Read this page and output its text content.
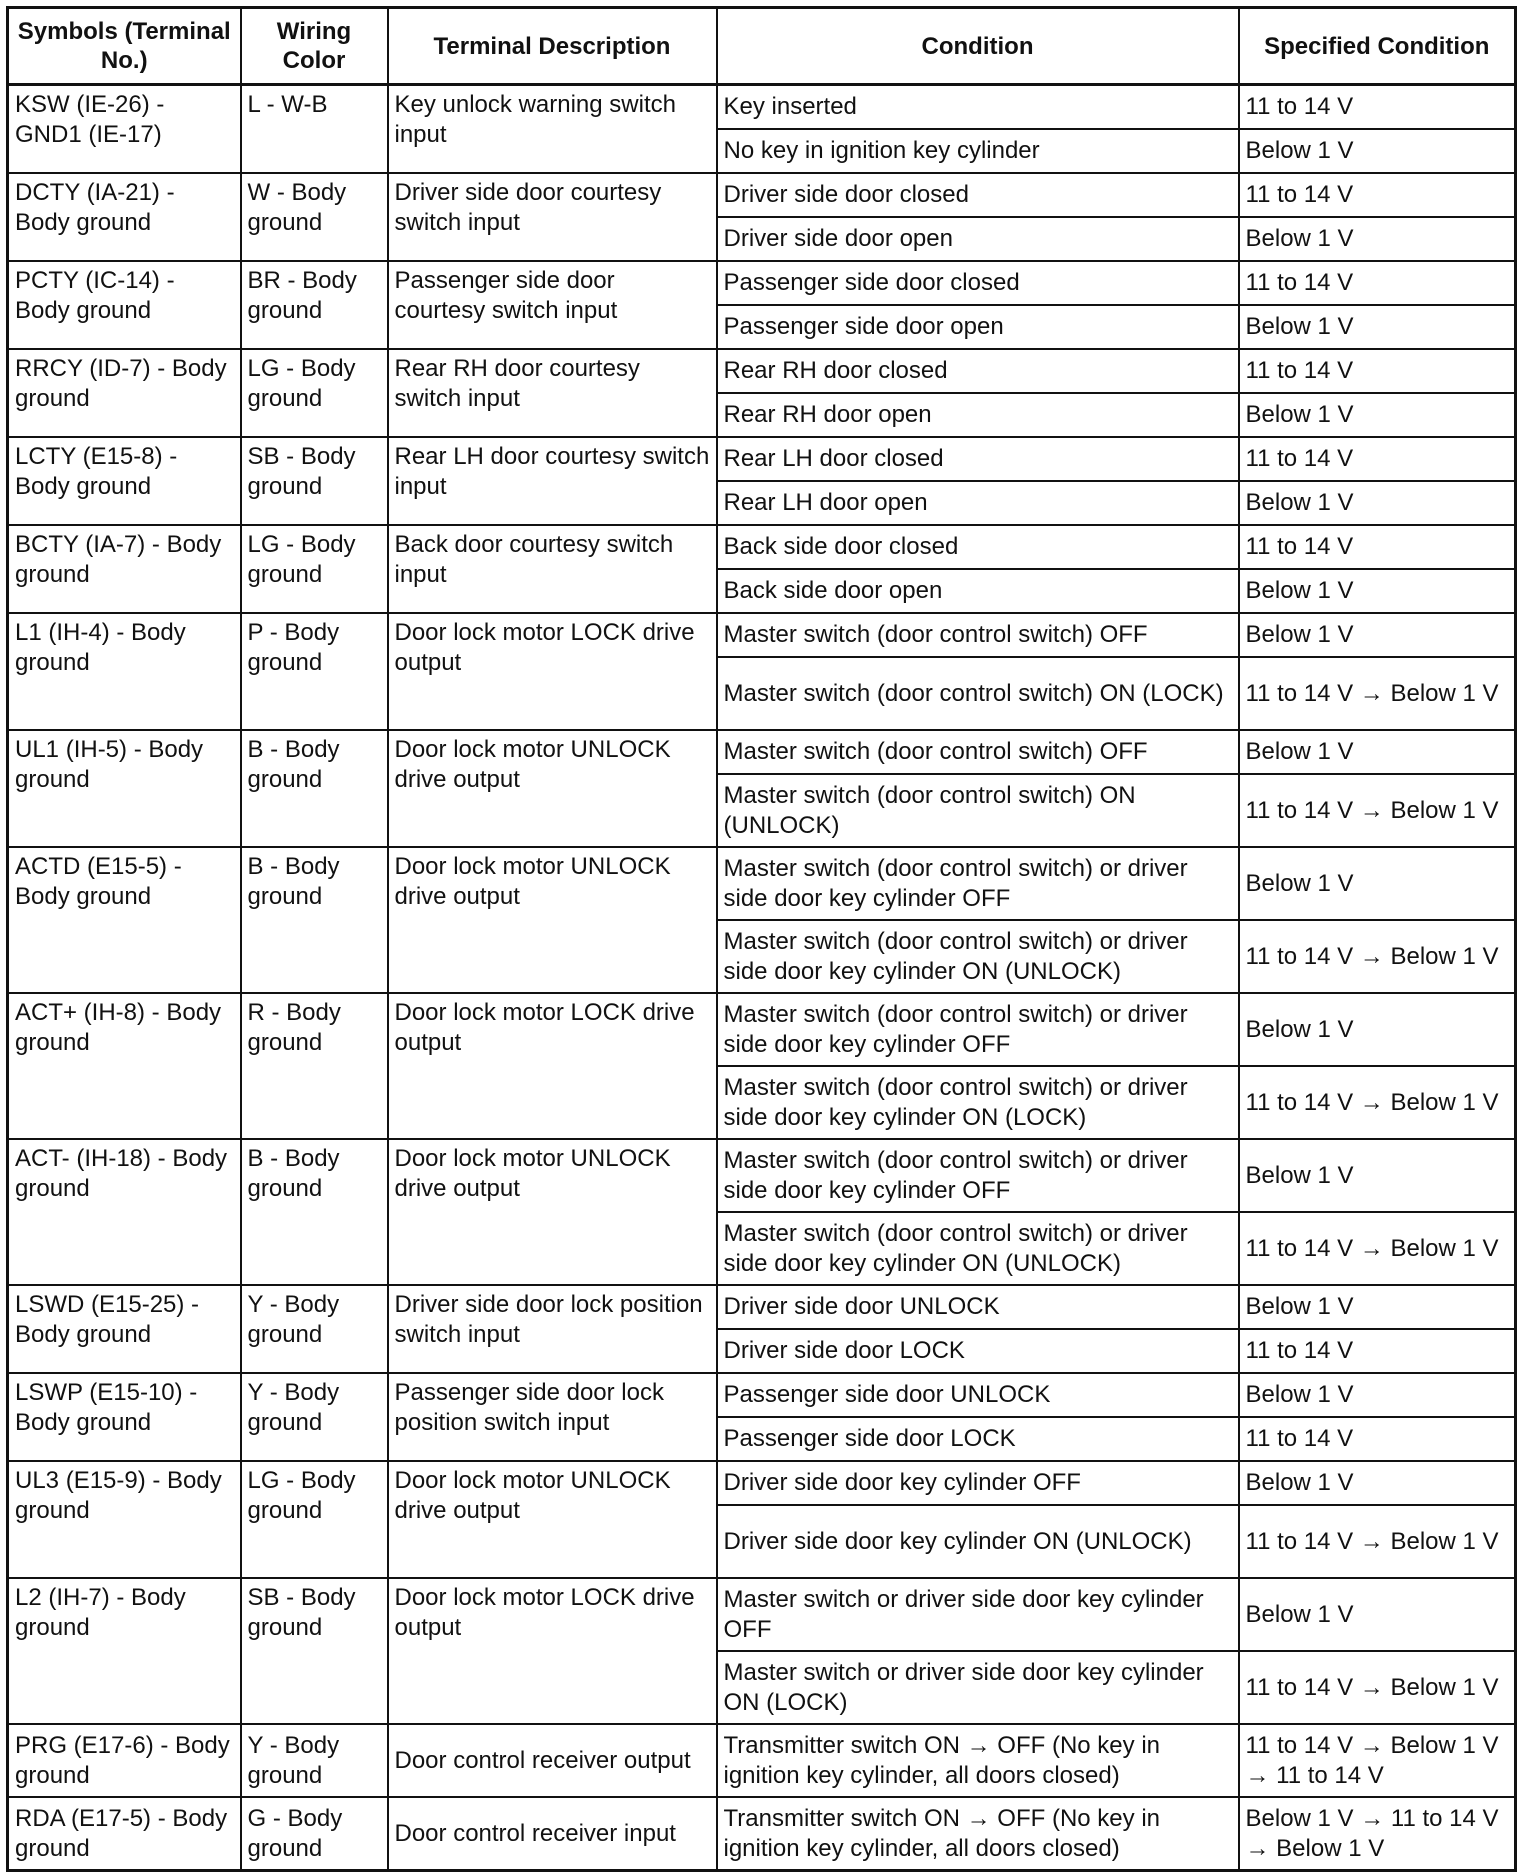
Symbols (Terminal No.)	Wiring Color	Terminal Description	Condition	Specified Condition
KSW (IE-26) - GND1 (IE-17)	L - W-B	Key unlock warning switch input	Key inserted	11 to 14 V
			No key in ignition key cylinder	Below 1 V
DCTY (IA-21) - Body ground	W - Body ground	Driver side door courtesy switch input	Driver side door closed	11 to 14 V
			Driver side door open	Below 1 V
PCTY (IC-14) - Body ground	BR - Body ground	Passenger side door courtesy switch input	Passenger side door closed	11 to 14 V
			Passenger side door open	Below 1 V
RRCY (ID-7) - Body ground	LG - Body ground	Rear RH door courtesy switch input	Rear RH door closed	11 to 14 V
			Rear RH door open	Below 1 V
LCTY (E15-8) - Body ground	SB - Body ground	Rear LH door courtesy switch input	Rear LH door closed	11 to 14 V
			Rear LH door open	Below 1 V
BCTY (IA-7) - Body ground	LG - Body ground	Back door courtesy switch input	Back side door closed	11 to 14 V
			Back side door open	Below 1 V
L1 (IH-4) - Body ground	P - Body ground	Door lock motor LOCK drive output	Master switch (door control switch) OFF	Below 1 V
			Master switch (door control switch) ON (LOCK)	11 to 14 V → Below 1 V
UL1 (IH-5) - Body ground	B - Body ground	Door lock motor UNLOCK drive output	Master switch (door control switch) OFF	Below 1 V
			Master switch (door control switch) ON (UNLOCK)	11 to 14 V → Below 1 V
ACTD (E15-5) - Body ground	B - Body ground	Door lock motor UNLOCK drive output	Master switch (door control switch) or driver side door key cylinder OFF	Below 1 V
			Master switch (door control switch) or driver side door key cylinder ON (UNLOCK)	11 to 14 V → Below 1 V
ACT+ (IH-8) - Body ground	R - Body ground	Door lock motor LOCK drive output	Master switch (door control switch) or driver side door key cylinder OFF	Below 1 V
			Master switch (door control switch) or driver side door key cylinder ON (LOCK)	11 to 14 V → Below 1 V
ACT- (IH-18) - Body ground	B - Body ground	Door lock motor UNLOCK drive output	Master switch (door control switch) or driver side door key cylinder OFF	Below 1 V
			Master switch (door control switch) or driver side door key cylinder ON (UNLOCK)	11 to 14 V → Below 1 V
LSWD (E15-25) - Body ground	Y - Body ground	Driver side door lock position switch input	Driver side door UNLOCK	Below 1 V
			Driver side door LOCK	11 to 14 V
LSWP (E15-10) - Body ground	Y - Body ground	Passenger side door lock position switch input	Passenger side door UNLOCK	Below 1 V
			Passenger side door LOCK	11 to 14 V
UL3 (E15-9) - Body ground	LG - Body ground	Door lock motor UNLOCK drive output	Driver side door key cylinder OFF	Below 1 V
			Driver side door key cylinder ON (UNLOCK)	11 to 14 V → Below 1 V
L2 (IH-7) - Body ground	SB - Body ground	Door lock motor LOCK drive output	Master switch or driver side door key cylinder OFF	Below 1 V
			Master switch or driver side door key cylinder ON (LOCK)	11 to 14 V → Below 1 V
PRG (E17-6) - Body ground	Y - Body ground	Door control receiver output	Transmitter switch ON → OFF (No key in ignition key cylinder, all doors closed)	11 to 14 V → Below 1 V → 11 to 14 V
RDA (E17-5) - Body ground	G - Body ground	Door control receiver input	Transmitter switch ON → OFF (No key in ignition key cylinder, all doors closed)	Below 1 V → 11 to 14 V → Below 1 V
